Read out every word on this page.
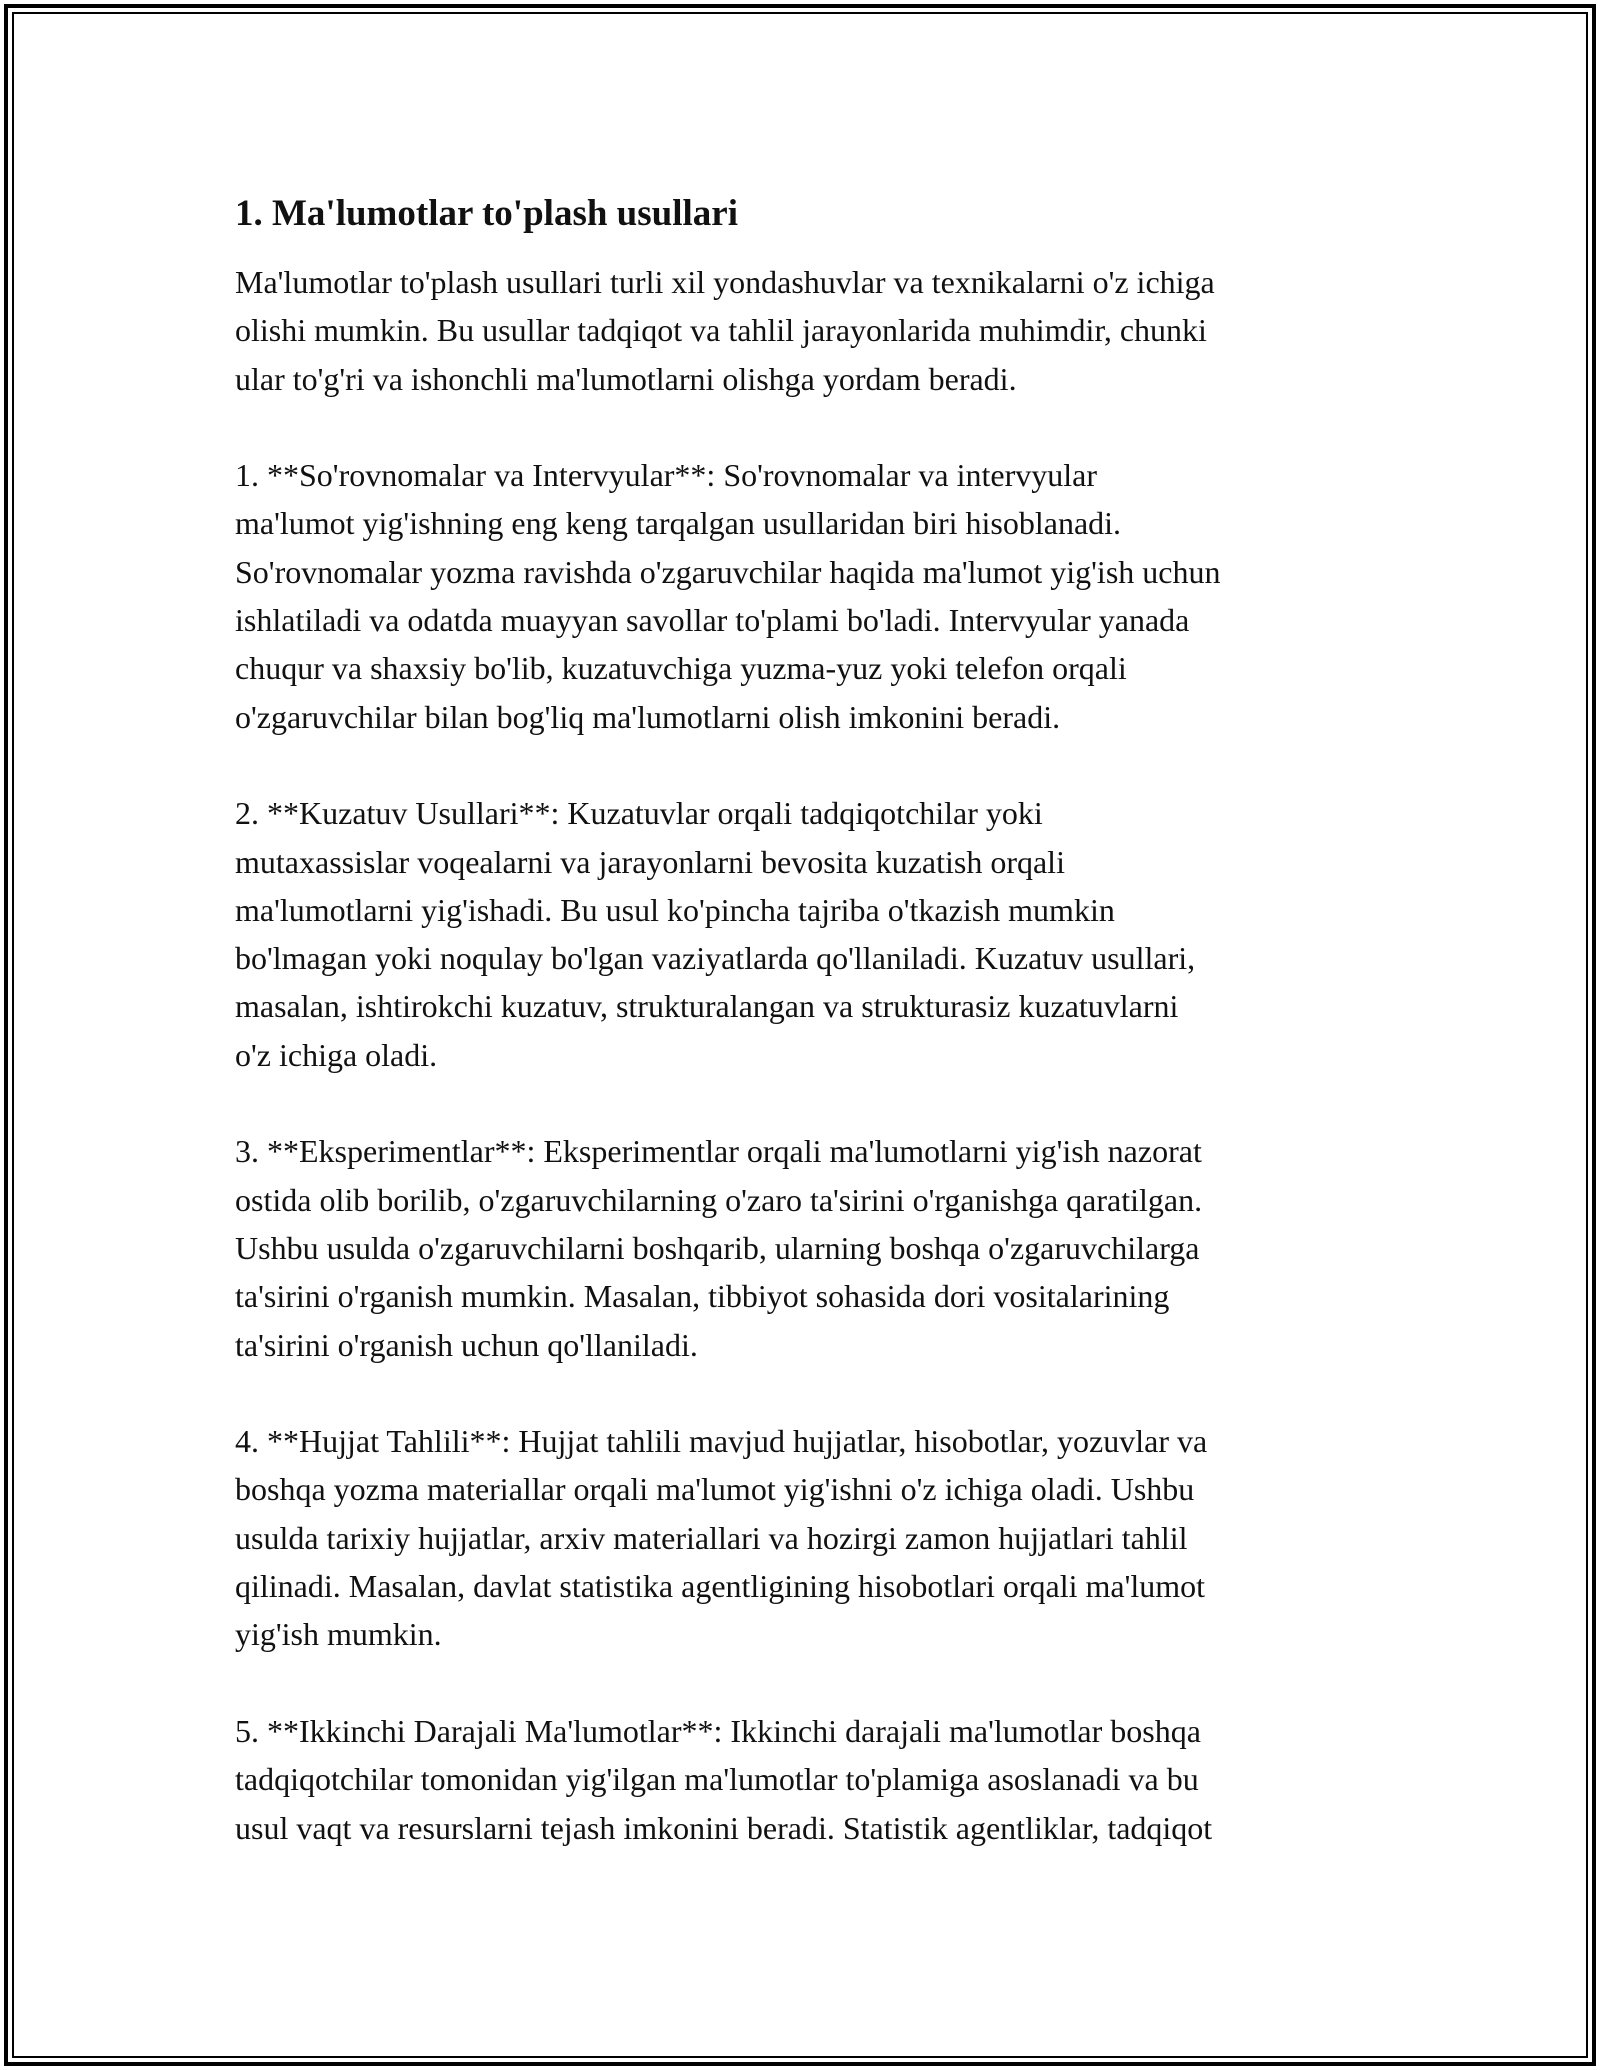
1. Ma'lumotlar to'plash usullari

Ma'lumotlar to'plash usullari turli xil yondashuvlar va texnikalarni o'z ichiga
olishi mumkin. Bu usullar tadqiqot va tahlil jarayonlarida muhimdir, chunki
ular to'g'ri va ishonchli ma'lumotlarni olishga yordam beradi.

1. **So'rovnomalar va Intervyular**: So'rovnomalar va intervyular
ma'lumot yig'ishning eng keng tarqalgan usullaridan biri hisoblanadi.
So'rovnomalar yozma ravishda o'zgaruvchilar haqida ma'lumot yig'ish uchun
ishlatiladi va odatda muayyan savollar to'plami bo'ladi. Intervyular yanada
chuqur va shaxsiy bo'lib, kuzatuvchiga yuzma-yuz yoki telefon orqali
o'zgaruvchilar bilan bog'liq ma'lumotlarni olish imkonini beradi.

2. **Kuzatuv Usullari**: Kuzatuvlar orqali tadqiqotchilar yoki
mutaxassislar voqealarni va jarayonlarni bevosita kuzatish orqali
ma'lumotlarni yig'ishadi. Bu usul ko'pincha tajriba o'tkazish mumkin
bo'lmagan yoki noqulay bo'lgan vaziyatlarda qo'llaniladi. Kuzatuv usullari,
masalan, ishtirokchi kuzatuv, strukturalangan va strukturasiz kuzatuvlarni
o'z ichiga oladi.

3. **Eksperimentlar**: Eksperimentlar orqali ma'lumotlarni yig'ish nazorat
ostida olib borilib, o'zgaruvchilarning o'zaro ta'sirini o'rganishga qaratilgan.
Ushbu usulda o'zgaruvchilarni boshqarib, ularning boshqa o'zgaruvchilarga
ta'sirini o'rganish mumkin. Masalan, tibbiyot sohasida dori vositalarining
ta'sirini o'rganish uchun qo'llaniladi.

4. **Hujjat Tahlili**: Hujjat tahlili mavjud hujjatlar, hisobotlar, yozuvlar va
boshqa yozma materiallar orqali ma'lumot yig'ishni o'z ichiga oladi. Ushbu
usulda tarixiy hujjatlar, arxiv materiallari va hozirgi zamon hujjatlari tahlil
qilinadi. Masalan, davlat statistika agentligining hisobotlari orqali ma'lumot
yig'ish mumkin.

5. **Ikkinchi Darajali Ma'lumotlar**: Ikkinchi darajali ma'lumotlar boshqa
tadqiqotchilar tomonidan yig'ilgan ma'lumotlar to'plamiga asoslanadi va bu
usul vaqt va resurslarni tejash imkonini beradi. Statistik agentliklar, tadqiqot
